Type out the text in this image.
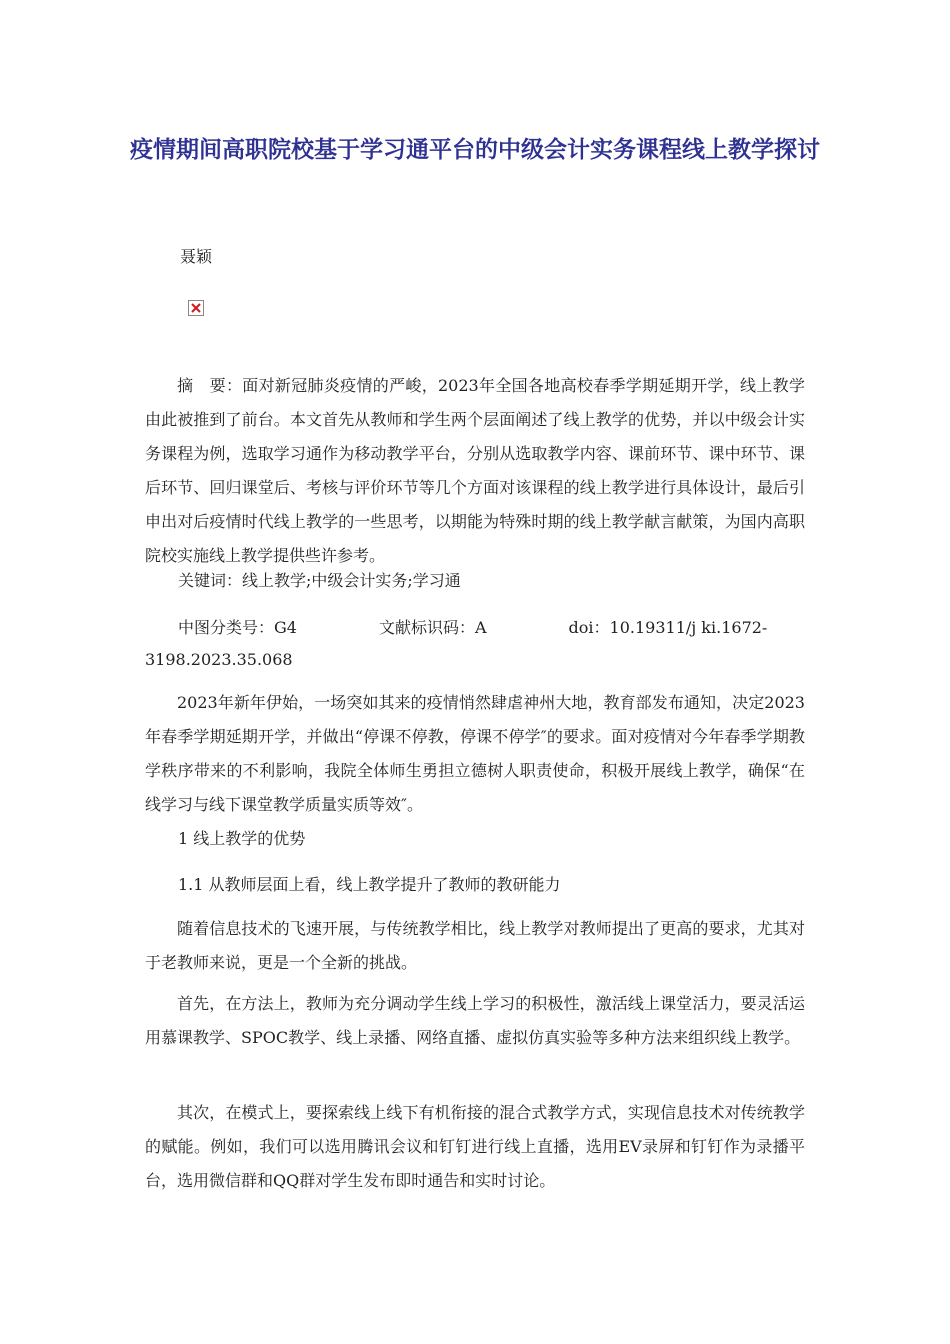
疫情期间高职院校基于学习通平台的中级会计实务课程线上教学探讨
聂颖

摘　要：面对新冠肺炎疫情的严峻，2023年全国各地高校春季学期延期开学，线上教学由此被推到了前台。本文首先从教师和学生两个层面阐述了线上教学的优势，并以中级会计实务课程为例，选取学习通作为移动教学平台，分别从选取教学内容、课前环节、课中环节、课后环节、回归课堂后、考核与评价环节等几个方面对该课程的线上教学进行具体设计，最后引申出对后疫情时代线上教学的一些思考，以期能为特殊时期的线上教学献言献策，为国内高职院校实施线上教学提供些许参考。

关键词：线上教学;中级会计实务;学习通
中图分类号：G4	文献标识码：A	doi：10.19311/j ki.1672-
3198.2023.35.068

2023年新年伊始，一场突如其来的疫情悄然肆虐神州大地，教育部发布通知，决定2023年春季学期延期开学，并做出“停课不停教，停课不停学″的要求。面对疫情对今年春季学期教学秩序带来的不利影响，我院全体师生勇担立德树人职责使命，积极开展线上教学，确保“在线学习与线下课堂教学质量实质等效″。

1 线上教学的优势
1.1 从教师层面上看，线上教学提升了教师的教研能力

随着信息技术的飞速开展，与传统教学相比，线上教学对教师提出了更高的要求，尤其对于老教师来说，更是一个全新的挑战。

首先，在方法上，教师为充分调动学生线上学习的积极性，激活线上课堂活力，要灵活运用慕课教学、SPOC教学、线上录播、网络直播、虚拟仿真实验等多种方法来组织线上教学。

其次，在模式上，要探索线上线下有机衔接的混合式教学方式，实现信息技术对传统教学的赋能。例如，我们可以选用腾讯会议和钉钉进行线上直播，选用EV录屏和钉钉作为录播平台，选用微信群和QQ群对学生发布即时通告和实时讨论。
